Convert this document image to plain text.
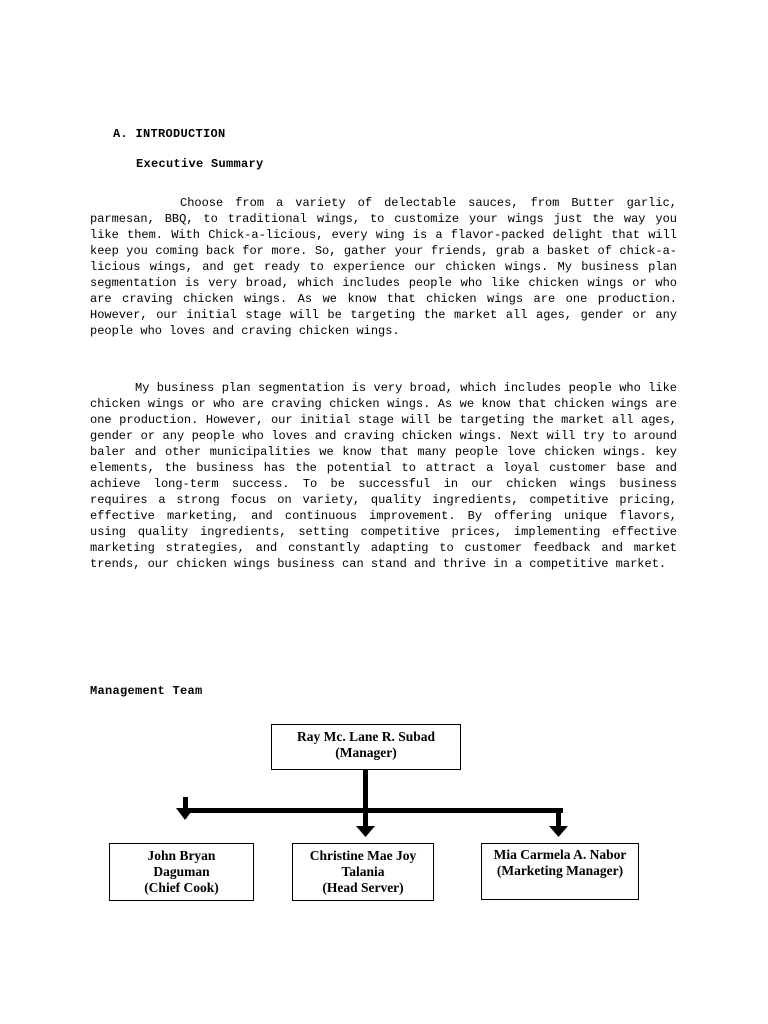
A. INTRODUCTION
Executive Summary

Choose from a variety of delectable sauces, from Butter garlic, parmesan, BBQ, to traditional wings, to customize your wings just the way you like them. With Chick-a-licious, every wing is a flavor-packed delight that will keep you coming back for more. So, gather your friends, grab a basket of chick-a-licious wings, and get ready to experience our chicken wings. My business plan segmentation is very broad, which includes people who like chicken wings or who are craving chicken wings. As we know that chicken wings are one production. However, our initial stage will be targeting the market all ages, gender or any people who loves and craving chicken wings.

My business plan segmentation is very broad, which includes people who like chicken wings or who are craving chicken wings. As we know that chicken wings are one production. However, our initial stage will be targeting the market all ages, gender or any people who loves and craving chicken wings. Next will try to around baler and other municipalities we know that many people love chicken wings. key elements, the business has the potential to attract a loyal customer base and achieve long-term success. To be successful in our chicken wings business requires a strong focus on variety, quality ingredients, competitive pricing, effective marketing, and continuous improvement. By offering unique flavors, using quality ingredients, setting competitive prices, implementing effective marketing strategies, and constantly adapting to customer feedback and market trends, our chicken wings business can stand and thrive in a competitive market.

Management Team
Ray Mc. Lane R. Subad
(Manager)
John Bryan
Daguman
(Chief Cook)
Christine Mae Joy
Talania
(Head Server)
Mia Carmela A. Nabor
(Marketing Manager)
